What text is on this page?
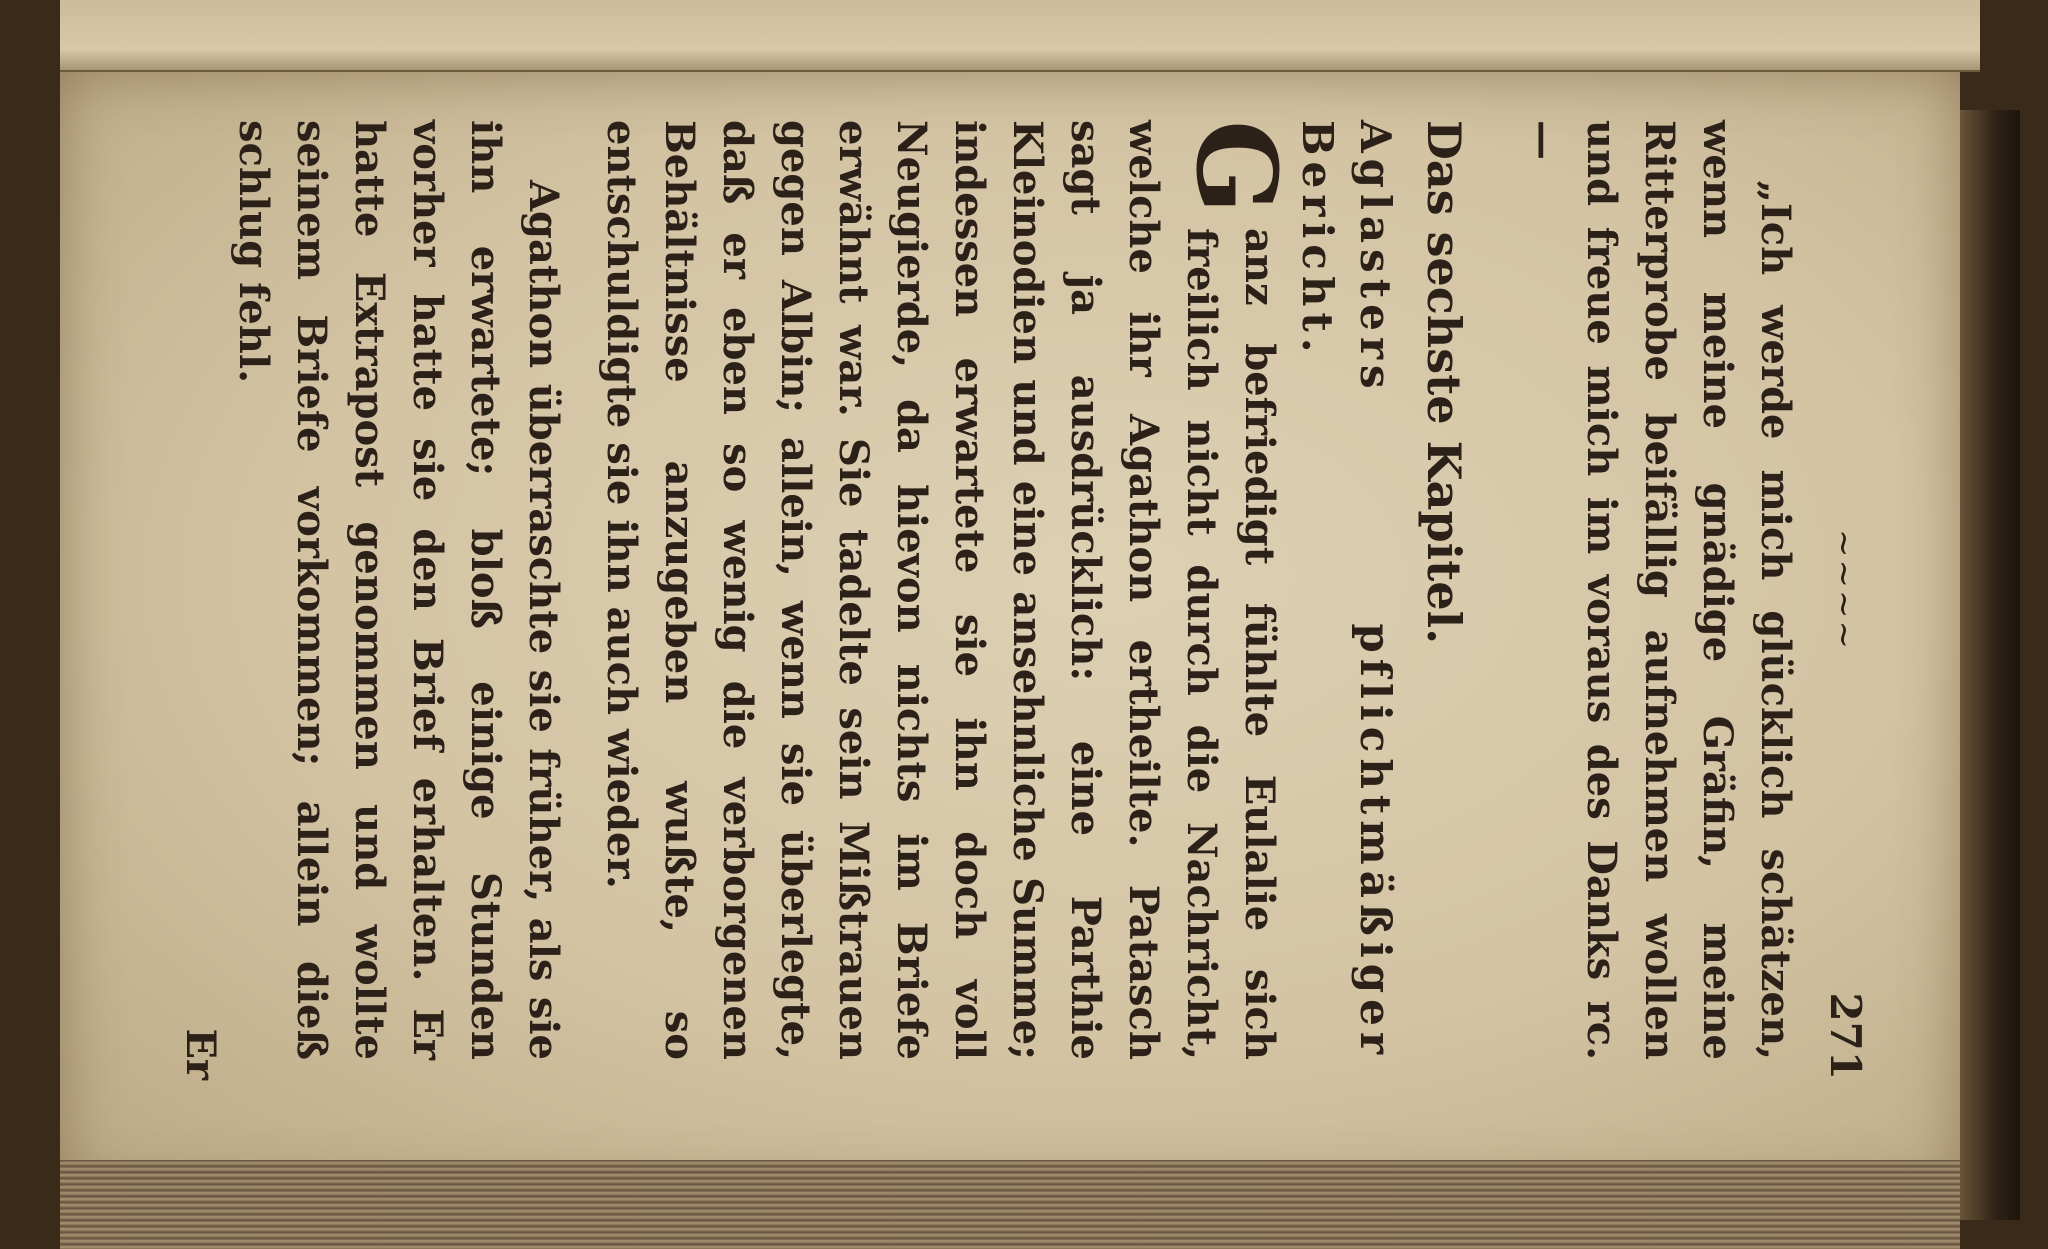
~~~~
271

„Ich werde mich glücklich schätzen, wenn meine gnädige Gräfin, meine Ritterprobe beifällig aufnehmen wollen und freue mich im voraus des Danks rc. —

Das sechste Kapitel.

Aglasters pflichtmäßiger Bericht.

G
anz befriedigt fühlte Eulalie sich freilich nicht durch die Nachricht, welche ihr Agathon ertheilte. Patasch sagt ja ausdrücklich: eine Parthie Kleinodien und eine ansehnliche Summe; indessen erwartete sie ihn doch voll Neugierde, da hievon nichts im Briefe erwähnt war. Sie tadelte sein Mißtrauen gegen Albin; allein, wenn sie überlegte, daß er eben so wenig die verborgenen Behältnisse anzugeben wußte, so entschuldigte sie ihn auch wieder.

Agathon überraschte sie früher, als sie ihn erwartete; bloß einige Stunden vorher hatte sie den Brief erhalten. Er hatte Extrapost genommen und wollte seinem Briefe vorkommen; allein dieß schlug fehl.

Er
